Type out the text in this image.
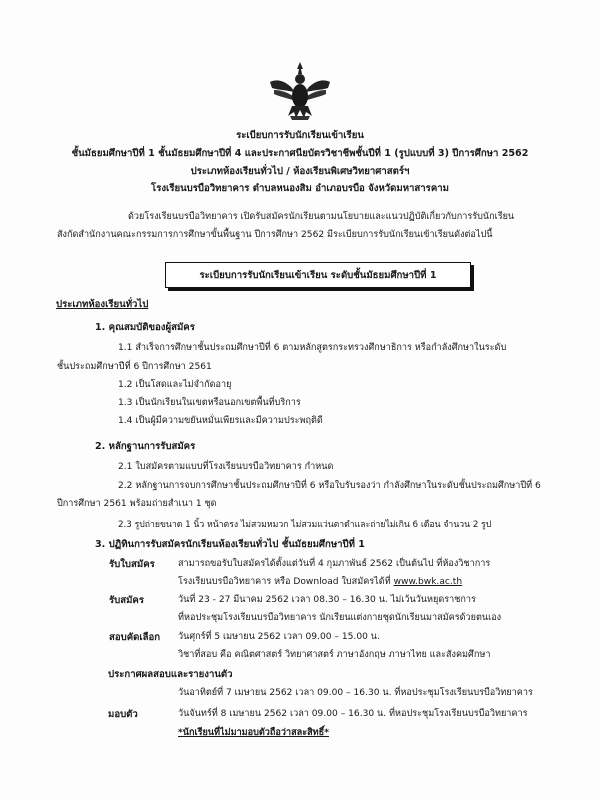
ระเบียบการรับนักเรียนเข้าเรียน
ชั้นมัธยมศึกษาปีที่ 1 ชั้นมัธยมศึกษาปีที่ 4 และประกาศนียบัตรวิชาชีพชั้นปีที่ 1 (รูปแบบที่ 3) ปีการศึกษา 2562
ประเภทห้องเรียนทั่วไป / ห้องเรียนพิเศษวิทยาศาสตร์ฯ
โรงเรียนบรบือวิทยาคาร ตำบลหนองสิม อำเภอบรบือ จังหวัดมหาสารคาม
ด้วยโรงเรียนบรบือวิทยาคาร เปิดรับสมัครนักเรียนตามนโยบายและแนวปฏิบัติเกี่ยวกับการรับนักเรียน
สังกัดสำนักงานคณะกรรมการการศึกษาขั้นพื้นฐาน ปีการศึกษา 2562 มีระเบียบการรับนักเรียนเข้าเรียนดังต่อไปนี้
ระเบียบการรับนักเรียนเข้าเรียน ระดับชั้นมัธยมศึกษาปีที่ 1
ประเภทห้องเรียนทั่วไป
1. คุณสมบัติของผู้สมัคร
1.1 สำเร็จการศึกษาชั้นประถมศึกษาปีที่ 6 ตามหลักสูตรกระทรวงศึกษาธิการ หรือกำลังศึกษาในระดับ
ชั้นประถมศึกษาปีที่ 6 ปีการศึกษา 2561
1.2 เป็นโสดและไม่จำกัดอายุ
1.3 เป็นนักเรียนในเขตหรือนอกเขตพื้นที่บริการ
1.4 เป็นผู้มีความขยันหมั่นเพียรและมีความประพฤติดี
2. หลักฐานการรับสมัคร
2.1 ใบสมัครตามแบบที่โรงเรียนบรบือวิทยาคาร กำหนด
2.2 หลักฐานการจบการศึกษาชั้นประถมศึกษาปีที่ 6 หรือใบรับรองว่า กำลังศึกษาในระดับชั้นประถมศึกษาปีที่ 6
ปีการศึกษา 2561 พร้อมถ่ายสำเนา 1 ชุด
2.3 รูปถ่ายขนาด 1 นิ้ว หน้าตรง ไม่สวมหมวก ไม่สวมแว่นตาดำและถ่ายไม่เกิน 6 เดือน จำนวน 2 รูป
3. ปฏิทินการรับสมัครนักเรียนห้องเรียนทั่วไป ชั้นมัธยมศึกษาปีที่ 1
รับใบสมัคร	สามารถขอรับใบสมัครได้ตั้งแต่วันที่ 4 กุมภาพันธ์ 2562 เป็นต้นไป ที่ห้องวิชาการ
โรงเรียนบรบือวิทยาคาร หรือ Download ใบสมัครได้ที่ www.bwk.ac.th
รับสมัคร	วันที่ 23 - 27 มีนาคม 2562 เวลา 08.30 – 16.30 น. ไม่เว้นวันหยุดราชการ
ที่หอประชุมโรงเรียนบรบือวิทยาคาร นักเรียนแต่งกายชุดนักเรียนมาสมัครด้วยตนเอง
สอบคัดเลือก วันศุกร์ที่ 5 เมษายน 2562 เวลา 09.00 – 15.00 น.
วิชาที่สอบ คือ คณิตศาสตร์ วิทยาศาสตร์ ภาษาอังกฤษ ภาษาไทย และสังคมศึกษา
ประกาศผลสอบและรายงานตัว
วันอาทิตย์ที่ 7 เมษายน 2562 เวลา 09.00 – 16.30 น. ที่หอประชุมโรงเรียนบรบือวิทยาคาร
มอบตัว	วันจันทร์ที่ 8 เมษายน 2562 เวลา 09.00 – 16.30 น. ที่หอประชุมโรงเรียนบรบือวิทยาคาร
*นักเรียนที่ไม่มามอบตัวถือว่าสละสิทธิ์*
